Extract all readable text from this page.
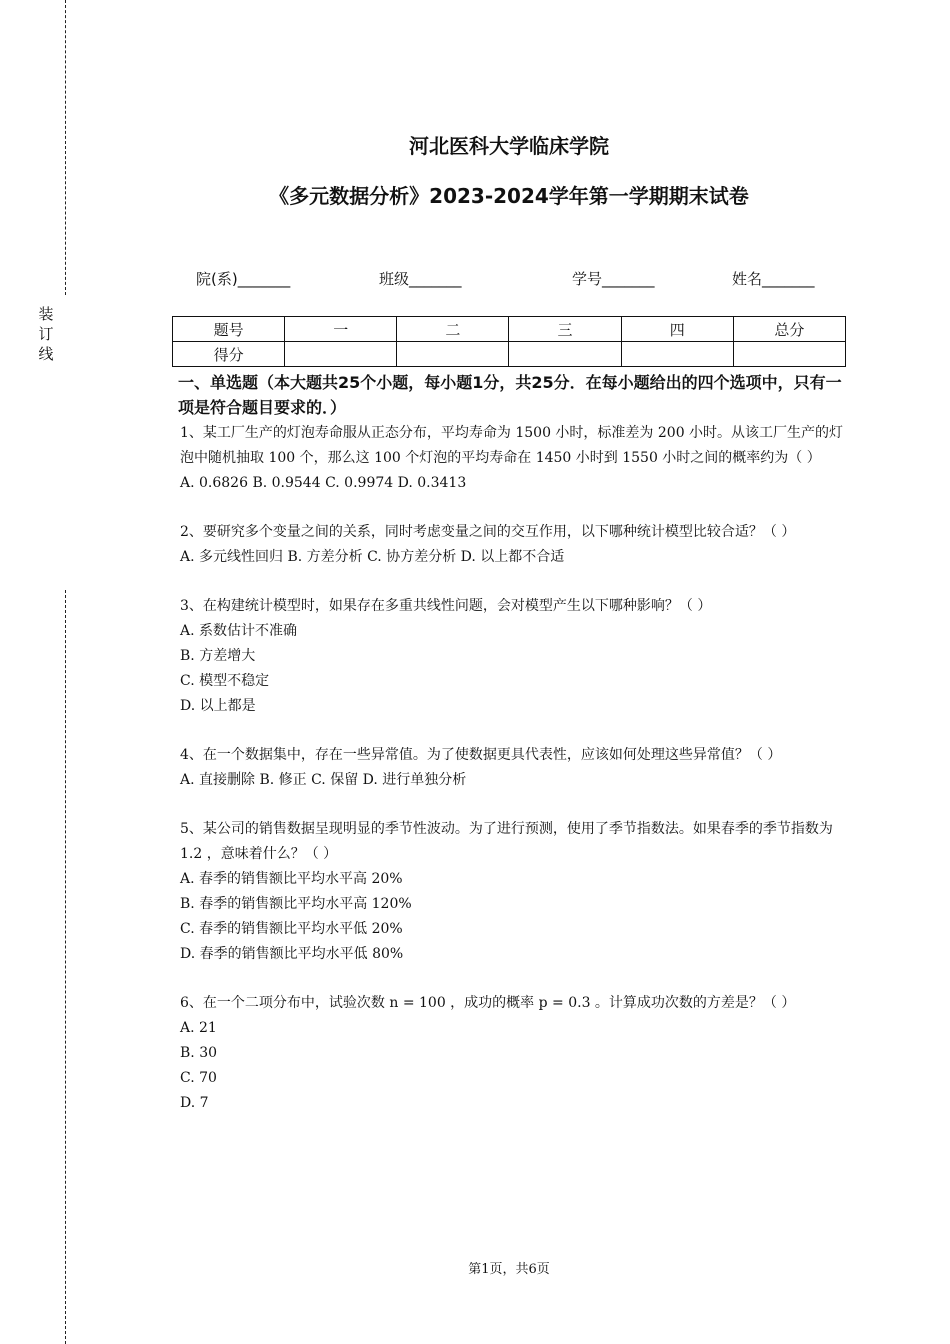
装订线
河北医科大学临床学院
《多元数据分析》2023-2024学年第一学期期末试卷
院(系)_______	班级_______	学号_______	姓名_______
题号	一	二	三	四	总分
得分					

一、单选题（本大题共25个小题，每小题1分，共25分．在每小题给出的四个选项中，只有一项是符合题目要求的．）

1、某工厂生产的灯泡寿命服从正态分布，平均寿命为 1500 小时，标准差为 200 小时。从该工厂生产的灯泡中随机抽取 100 个，那么这 100 个灯泡的平均寿命在 1450 小时到 1550 小时之间的概率约为（ ）

A. 0.6826 B. 0.9544 C. 0.9974 D. 0.3413

2、要研究多个变量之间的关系，同时考虑变量之间的交互作用，以下哪种统计模型比较合适？（ ）

A. 多元线性回归 B. 方差分析 C. 协方差分析 D. 以上都不合适

3、在构建统计模型时，如果存在多重共线性问题，会对模型产生以下哪种影响？（ ）

A. 系数估计不准确

B. 方差增大

C. 模型不稳定

D. 以上都是

4、在一个数据集中，存在一些异常值。为了使数据更具代表性，应该如何处理这些异常值？（ ）

A. 直接删除 B. 修正 C. 保留 D. 进行单独分析

5、某公司的销售数据呈现明显的季节性波动。为了进行预测，使用了季节指数法。如果春季的季节指数为 1.2 ，意味着什么？（ ）

A. 春季的销售额比平均水平高 20%

B. 春季的销售额比平均水平高 120%

C. 春季的销售额比平均水平低 20%

D. 春季的销售额比平均水平低 80%

6、在一个二项分布中，试验次数 n = 100 ，成功的概率 p = 0.3 。计算成功次数的方差是？（ ）

A. 21

B. 30

C. 70

D. 7

第1页，共6页
